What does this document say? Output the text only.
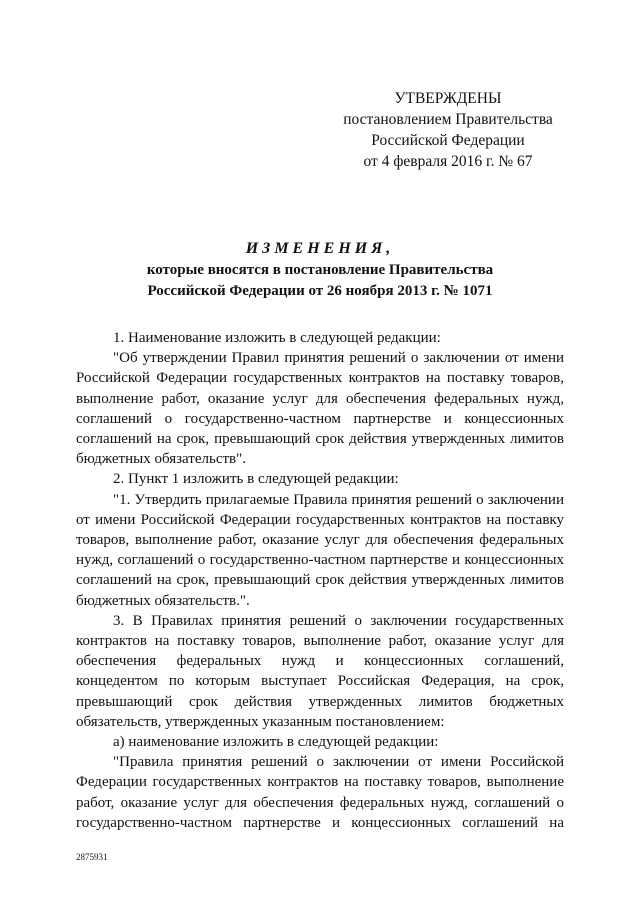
УТВЕРЖДЕНЫ
постановлением Правительства
Российской Федерации
от 4 февраля 2016 г. № 67
ИЗМЕНЕНИЯ,
которые вносятся в постановление Правительства
Российской Федерации от 26 ноября 2013 г. № 1071

1. Наименование изложить в следующей редакции:

"Об утверждении Правил принятия решений о заключении от имени Российской Федерации государственных контрактов на поставку товаров, выполнение работ, оказание услуг для обеспечения федеральных нужд, соглашений о государственно-частном партнерстве и концессионных соглашений на срок, превышающий срок действия утвержденных лимитов бюджетных обязательств".

2. Пункт 1 изложить в следующей редакции:

"1. Утвердить прилагаемые Правила принятия решений о заключении от имени Российской Федерации государственных контрактов на поставку товаров, выполнение работ, оказание услуг для обеспечения федеральных нужд, соглашений о государственно-частном партнерстве и концессионных соглашений на срок, превышающий срок действия утвержденных лимитов бюджетных обязательств.".

3. В Правилах принятия решений о заключении государственных контрактов на поставку товаров, выполнение работ, оказание услуг для обеспечения федеральных нужд и концессионных соглашений, концедентом по которым выступает Российская Федерация, на срок, превышающий срок действия утвержденных лимитов бюджетных обязательств, утвержденных указанным постановлением:

а) наименование изложить в следующей редакции:

"Правила принятия решений о заключении от имени Российской Федерации государственных контрактов на поставку товаров, выполнение работ, оказание услуг для обеспечения федеральных нужд, соглашений о государственно-частном партнерстве и концессионных соглашений на

2875931
